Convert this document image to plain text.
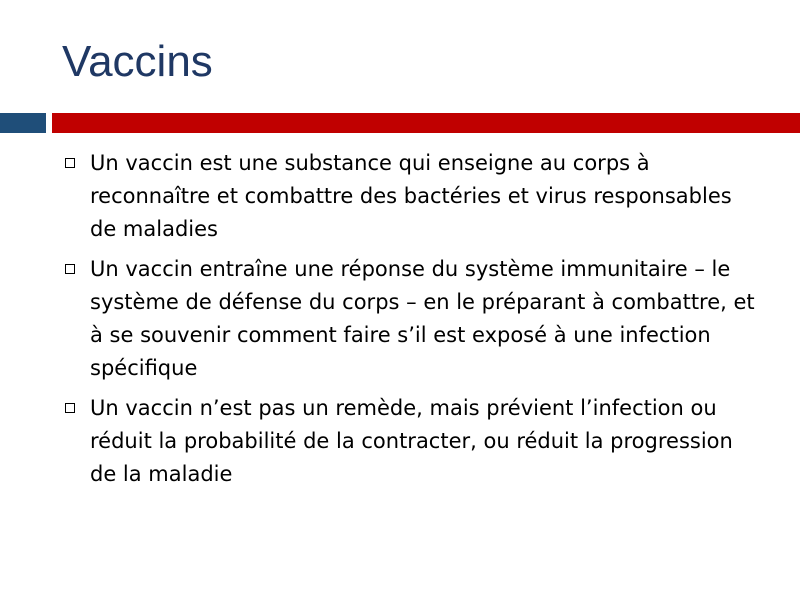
Vaccins
Un vaccin est une substance qui enseigne au corps à reconnaître et combattre des bactéries et virus responsables de maladies
Un vaccin entraîne une réponse du système immunitaire – le système de défense du corps – en le préparant à combattre, et à se souvenir comment faire s’il est exposé à une infection spécifique
Un vaccin n’est pas un remède, mais prévient l’infection ou réduit la probabilité de la contracter, ou réduit la progression de la maladie
